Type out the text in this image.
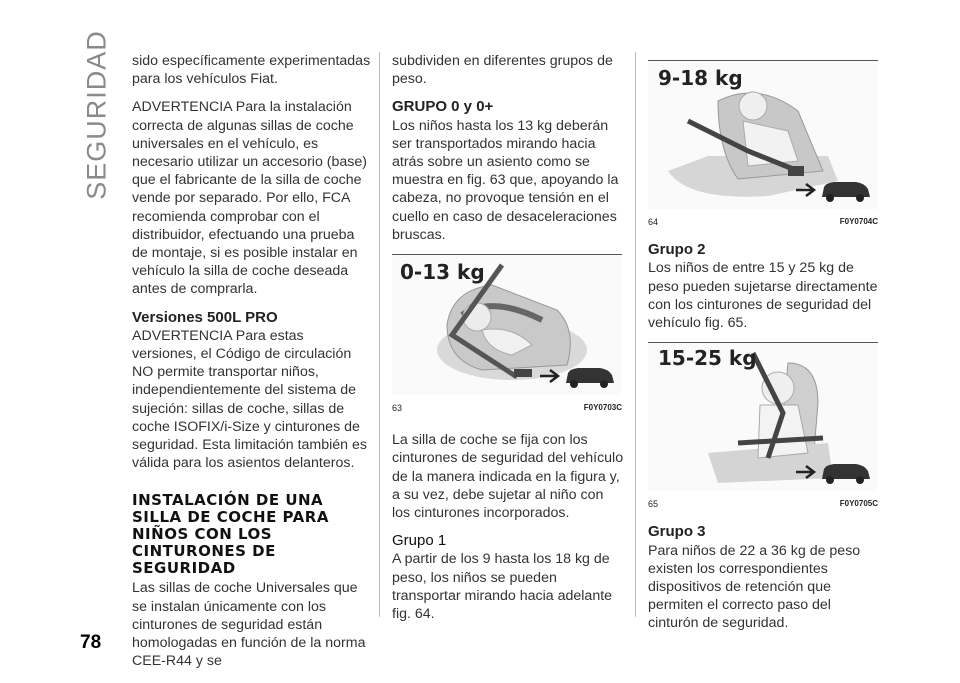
SEGURIDAD
78

sido específicamente experimentadas para los vehículos Fiat.

ADVERTENCIA Para la instalación correcta de algunas sillas de coche universales en el vehículo, es necesario utilizar un accesorio (base) que el fabricante de la silla de coche vende por separado. Por ello, FCA recomienda comprobar con el distribuidor, efectuando una prueba de montaje, si es posible instalar en vehículo la silla de coche deseada antes de comprarla.

Versiones 500L PRO

ADVERTENCIA Para estas versiones, el Código de circulación NO permite transportar niños, independientemente del sistema de sujeción: sillas de coche, sillas de coche ISOFIX/i-Size y cinturones de seguridad. Esta limitación también es válida para los asientos delanteros.

INSTALACIÓN DE UNA SILLA DE COCHE PARA NIÑOS CON LOS CINTURONES DE SEGURIDAD

Las sillas de coche Universales que se instalan únicamente con los cinturones de seguridad están homologadas en función de la norma CEE-R44 y se

subdividen en diferentes grupos de peso.

GRUPO 0 y 0+

Los niños hasta los 13 kg deberán ser transportados mirando hacia atrás sobre un asiento como se muestra en fig. 63 que, apoyando la cabeza, no provoque tensión en el cuello en caso de desaceleraciones bruscas.

0-13 kg
63	F0Y0703C

La silla de coche se fija con los cinturones de seguridad del vehículo de la manera indicada en la figura y, a su vez, debe sujetar al niño con los cinturones incorporados.

Grupo 1

A partir de los 9 hasta los 18 kg de peso, los niños se pueden transportar mirando hacia adelante fig. 64.

9-18 kg
64	F0Y0704C
Grupo 2

Los niños de entre 15 y 25 kg de peso pueden sujetarse directamente con los cinturones de seguridad del vehículo fig. 65.

15-25 kg
65	F0Y0705C
Grupo 3

Para niños de 22 a 36 kg de peso existen los correspondientes dispositivos de retención que permiten el correcto paso del cinturón de seguridad.
